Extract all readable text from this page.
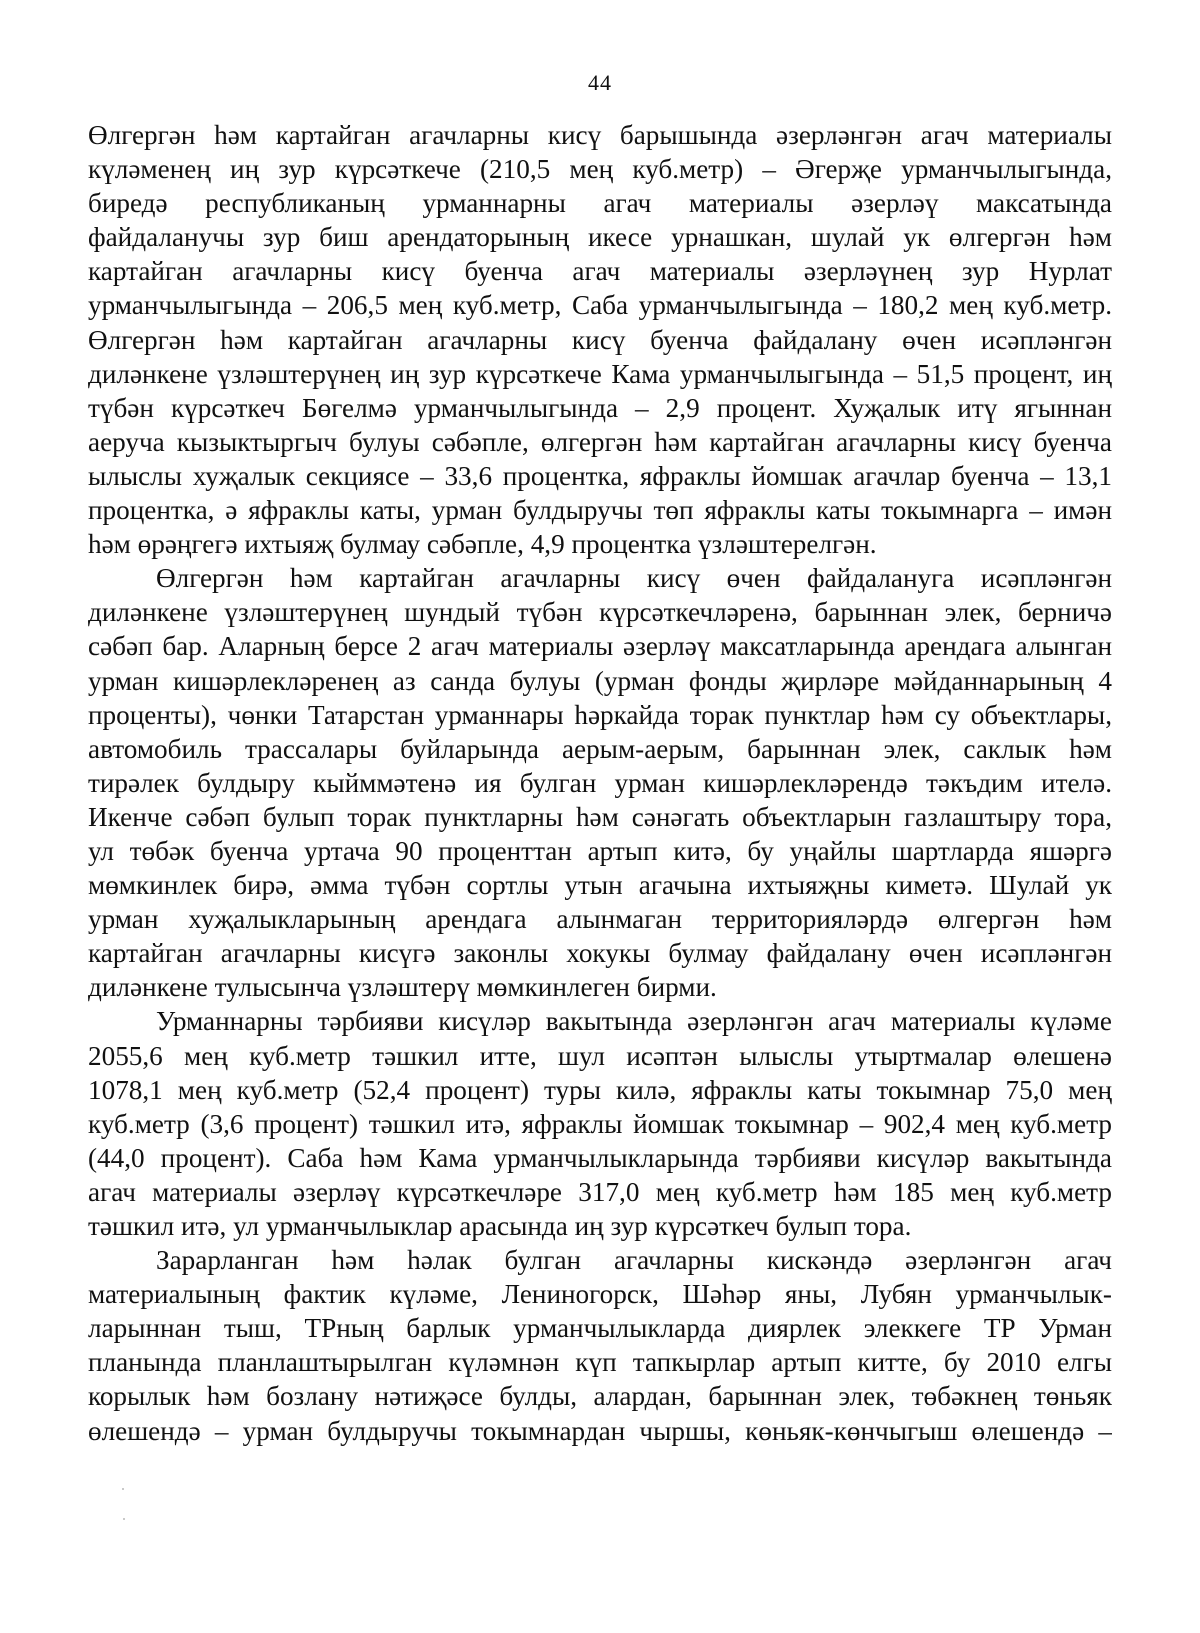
44
Өлгергән һәм картайган агачларны кисү барышында әзерләнгән агач материалы
күләменең иң зур күрсәткече (210,5 мең куб.метр) – Әгерҗе урманчылыгында,
биредә республиканың урманнарны агач материалы әзерләү максатында
файдаланучы зур биш арендаторының икесе урнашкан, шулай ук өлгергән һәм
картайган агачларны кисү буенча агач материалы әзерләүнең зур Нурлат
урманчылыгында – 206,5 мең куб.метр, Саба урманчылыгында – 180,2 мең куб.метр.
Өлгергән һәм картайган агачларны кисү буенча файдалану өчен исәпләнгән
диләнкене үзләштерүнең иң зур күрсәткече Кама урманчылыгында – 51,5 процент, иң
түбән күрсәткеч Бөгелмә урманчылыгында – 2,9 процент. Хуҗалык итү ягыннан
аеруча кызыктыргыч булуы сәбәпле, өлгергән һәм картайган агачларны кисү буенча
ылыслы хуҗалык секциясе – 33,6 процентка, яфраклы йомшак агачлар буенча – 13,1
процентка, ә яфраклы каты, урман булдыручы төп яфраклы каты токымнарга – имән
һәм өрәңгегә ихтыяҗ булмау сәбәпле, 4,9 процентка үзләштерелгән.
Өлгергән һәм картайган агачларны кисү өчен файдалануга исәпләнгән
диләнкене үзләштерүнең шундый түбән күрсәткечләренә, барыннан элек, берничә
сәбәп бар. Аларның берсе 2 агач материалы әзерләү максатларында арендага алынган
урман кишәрлекләренең аз санда булуы (урман фонды җирләре мәйданнарының 4
проценты), чөнки Татарстан урманнары һәркайда торак пунктлар һәм су объектлары,
автомобиль трассалары буйларында аерым-аерым, барыннан элек, саклык һәм
тирәлек булдыру кыйммәтенә ия булган урман кишәрлекләрендә тәкъдим ителә.
Икенче сәбәп булып торак пунктларны һәм сәнәгать объектларын газлаштыру тора,
ул төбәк буенча уртача 90 проценттан артып китә, бу уңайлы шартларда яшәргә
мөмкинлек бирә, әмма түбән сортлы утын агачына ихтыяҗны киметә. Шулай ук
урман хуҗалыкларының арендага алынмаган территорияләрдә өлгергән һәм
картайган агачларны кисүгә законлы хокукы булмау файдалану өчен исәпләнгән
диләнкене тулысынча үзләштерү мөмкинлеген бирми.
Урманнарны тәрбияви кисүләр вакытында әзерләнгән агач материалы күләме
2055,6 мең куб.метр тәшкил итте, шул исәптән ылыслы утыртмалар өлешенә
1078,1 мең куб.метр (52,4 процент) туры килә, яфраклы каты токымнар 75,0 мең
куб.метр (3,6 процент) тәшкил итә, яфраклы йомшак токымнар – 902,4 мең куб.метр
(44,0 процент). Саба һәм Кама урманчылыкларында тәрбияви кисүләр вакытында
агач материалы әзерләү күрсәткечләре 317,0 мең куб.метр һәм 185 мең куб.метр
тәшкил итә, ул урманчылыклар арасында иң зур күрсәткеч булып тора.
Зарарланган һәм һәлак булган агачларны кискәндә әзерләнгән агач
материалының фактик күләме, Лениногорск, Шәһәр яны, Лубян урманчылык-
ларыннан тыш, ТРның барлык урманчылыкларда диярлек элеккеге ТР Урман
планында планлаштырылган күләмнән күп тапкырлар артып китте, бу 2010 елгы
корылык һәм бозлану нәтиҗәсе булды, алардан, барыннан элек, төбәкнең төньяк
өлешендә – урман булдыручы токымнардан чыршы, көньяк-көнчыгыш өлешендә –
